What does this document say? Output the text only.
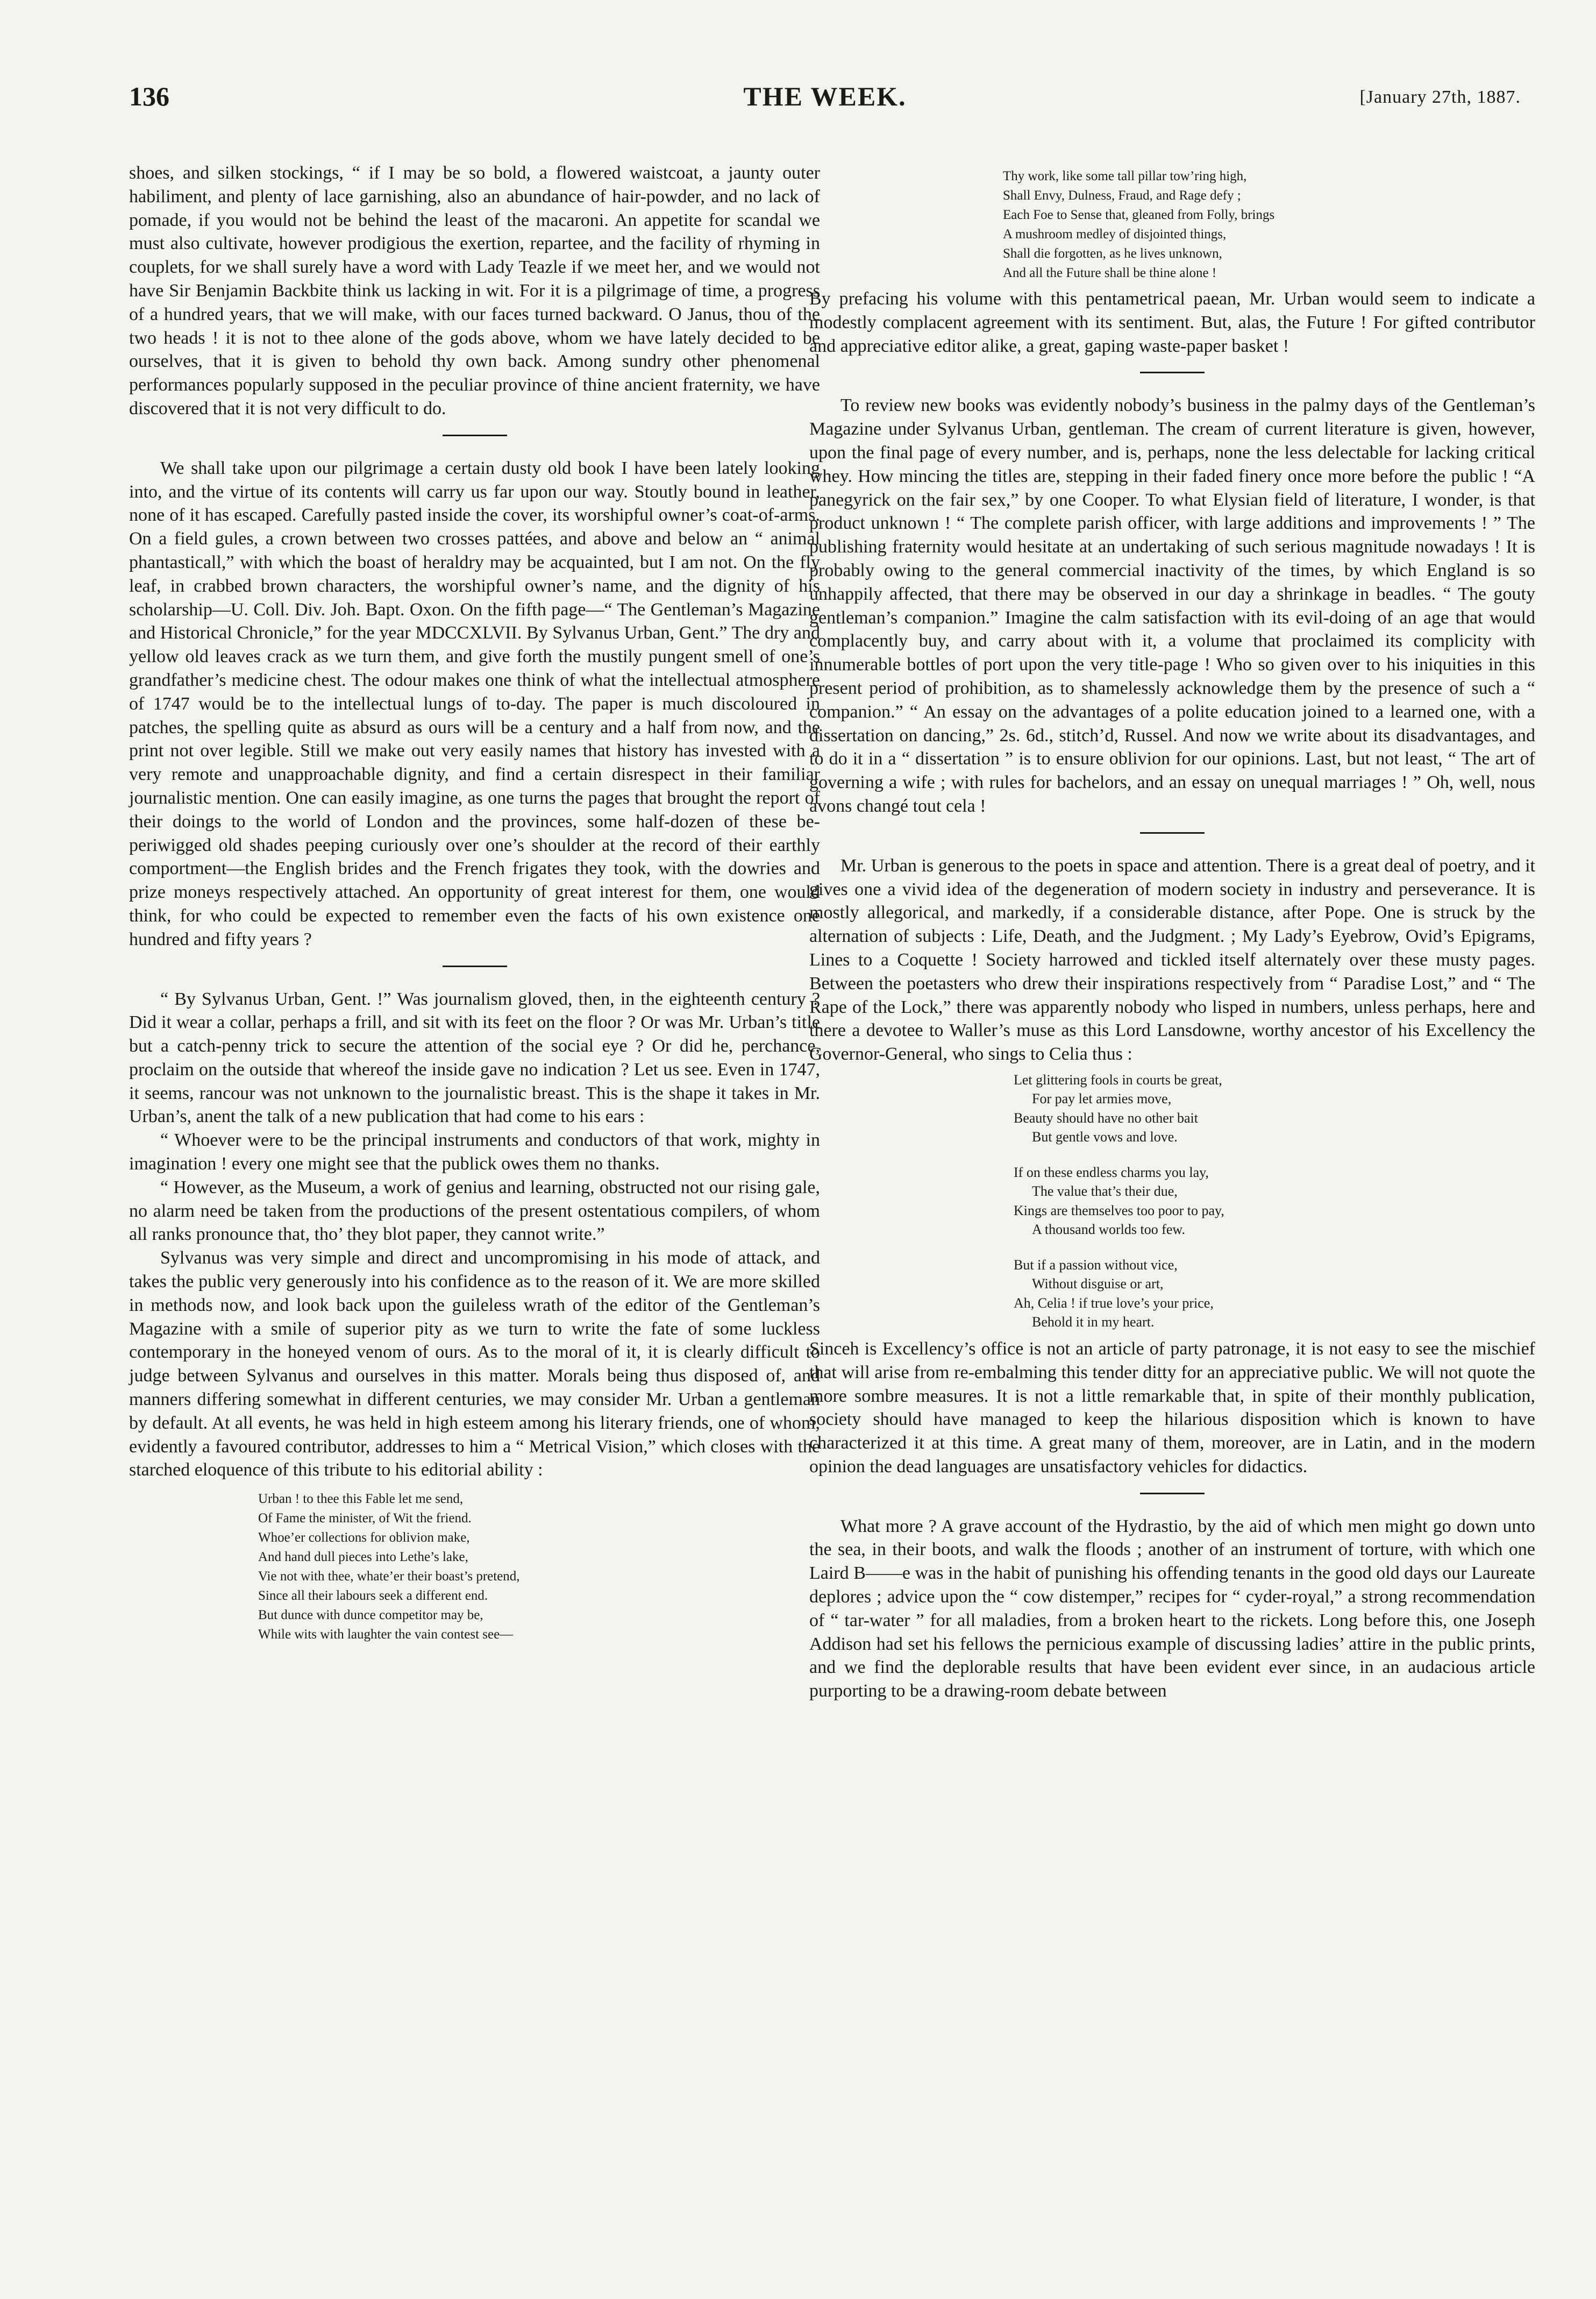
136	THE WEEK.	[January 27th, 1887.

shoes, and silken stockings, “ if I may be so bold, a flowered waistcoat, a jaunty outer habiliment, and plenty of lace garnishing, also an abundance of hair-powder, and no lack of pomade, if you would not be behind the least of the macaroni. An appetite for scandal we must also cultivate, however prodigious the exertion, repartee, and the facility of rhyming in couplets, for we shall surely have a word with Lady Teazle if we meet her, and we would not have Sir Benjamin Backbite think us lacking in wit. For it is a pilgrimage of time, a progress of a hundred years, that we will make, with our faces turned backward. O Janus, thou of the two heads ! it is not to thee alone of the gods above, whom we have lately decided to be ourselves, that it is given to behold thy own back. Among sundry other phenomenal performances popularly supposed in the peculiar province of thine ancient fraternity, we have discovered that it is not very difficult to do.

We shall take upon our pilgrimage a certain dusty old book I have been lately looking into, and the virtue of its contents will carry us far upon our way. Stoutly bound in leather, none of it has escaped. Carefully pasted inside the cover, its worshipful owner’s coat-of-arms. On a field gules, a crown between two crosses pattées, and above and below an “ animal phantasticall,” with which the boast of heraldry may be acquainted, but I am not. On the fly leaf, in crabbed brown characters, the worshipful owner’s name, and the dignity of his scholarship—U. Coll. Div. Joh. Bapt. Oxon. On the fifth page—“ The Gentleman’s Magazine and Historical Chronicle,” for the year MDCCXLVII. By Sylvanus Urban, Gent.” The dry and yellow old leaves crack as we turn them, and give forth the mustily pungent smell of one’s grandfather’s medicine chest. The odour makes one think of what the intellectual atmosphere of 1747 would be to the intellectual lungs of to-day. The paper is much discoloured in patches, the spelling quite as absurd as ours will be a century and a half from now, and the print not over legible. Still we make out very easily names that history has invested with a very remote and unapproachable dignity, and find a certain disrespect in their familiar journalistic mention. One can easily imagine, as one turns the pages that brought the report of their doings to the world of London and the provinces, some half-dozen of these be-periwigged old shades peeping curiously over one’s shoulder at the record of their earthly comportment—the English brides and the French frigates they took, with the dowries and prize moneys respectively attached. An opportunity of great interest for them, one would think, for who could be expected to remember even the facts of his own existence one hundred and fifty years ?

“ By Sylvanus Urban, Gent. !” Was journalism gloved, then, in the eighteenth century ? Did it wear a collar, perhaps a frill, and sit with its feet on the floor ? Or was Mr. Urban’s title but a catch-penny trick to secure the attention of the social eye ? Or did he, perchance, proclaim on the outside that whereof the inside gave no indication ? Let us see. Even in 1747, it seems, rancour was not unknown to the journalistic breast. This is the shape it takes in Mr. Urban’s, anent the talk of a new publication that had come to his ears :

“ Whoever were to be the principal instruments and conductors of that work, mighty in imagination ! every one might see that the publick owes them no thanks.

“ However, as the Museum, a work of genius and learning, obstructed not our rising gale, no alarm need be taken from the productions of the present ostentatious compilers, of whom all ranks pronounce that, tho’ they blot paper, they cannot write.”

Sylvanus was very simple and direct and uncompromising in his mode of attack, and takes the public very generously into his confidence as to the reason of it. We are more skilled in methods now, and look back upon the guileless wrath of the editor of the Gentleman’s Magazine with a smile of superior pity as we turn to write the fate of some luckless contemporary in the honeyed venom of ours. As to the moral of it, it is clearly difficult to judge between Sylvanus and ourselves in this matter. Morals being thus disposed of, and manners differing somewhat in different centuries, we may consider Mr. Urban a gentleman by default. At all events, he was held in high esteem among his literary friends, one of whom, evidently a favoured contributor, addresses to him a “ Metrical Vision,” which closes with the starched eloquence of this tribute to his editorial ability :

Urban ! to thee this Fable let me send,
Of Fame the minister, of Wit the friend.
Whoe’er collections for oblivion make,
And hand dull pieces into Lethe’s lake,
Vie not with thee, whate’er their boast’s pretend,
Since all their labours seek a different end.
But dunce with dunce competitor may be,
While wits with laughter the vain contest see—
Thy work, like some tall pillar tow’ring high,
Shall Envy, Dulness, Fraud, and Rage defy ;
Each Foe to Sense that, gleaned from Folly, brings
A mushroom medley of disjointed things,
Shall die forgotten, as he lives unknown,
And all the Future shall be thine alone !

By prefacing his volume with this pentametrical paean, Mr. Urban would seem to indicate a modestly complacent agreement with its sentiment. But, alas, the Future ! For gifted contributor and appreciative editor alike, a great, gaping waste-paper basket !

To review new books was evidently nobody’s business in the palmy days of the Gentleman’s Magazine under Sylvanus Urban, gentleman. The cream of current literature is given, however, upon the final page of every number, and is, perhaps, none the less delectable for lacking critical whey. How mincing the titles are, stepping in their faded finery once more before the public ! “A panegyrick on the fair sex,” by one Cooper. To what Elysian field of literature, I wonder, is that product unknown ! “ The complete parish officer, with large additions and improvements ! ” The publishing fraternity would hesitate at an undertaking of such serious magnitude nowadays ! It is probably owing to the general commercial inactivity of the times, by which England is so unhappily affected, that there may be observed in our day a shrinkage in beadles. “ The gouty gentleman’s companion.” Imagine the calm satisfaction with its evil-doing of an age that would complacently buy, and carry about with it, a volume that proclaimed its complicity with innumerable bottles of port upon the very title-page ! Who so given over to his iniquities in this present period of prohibition, as to shamelessly acknowledge them by the presence of such a “ companion.” “ An essay on the advantages of a polite education joined to a learned one, with a dissertation on dancing,” 2s. 6d., stitch’d, Russel. And now we write about its disadvantages, and to do it in a “ dissertation ” is to ensure oblivion for our opinions. Last, but not least, “ The art of governing a wife ; with rules for bachelors, and an essay on unequal marriages ! ” Oh, well, nous avons changé tout cela !

Mr. Urban is generous to the poets in space and attention. There is a great deal of poetry, and it gives one a vivid idea of the degeneration of modern society in industry and perseverance. It is mostly allegorical, and markedly, if a considerable distance, after Pope. One is struck by the alternation of subjects : Life, Death, and the Judgment. ; My Lady’s Eyebrow, Ovid’s Epigrams, Lines to a Coquette ! Society harrowed and tickled itself alternately over these musty pages. Between the poetasters who drew their inspirations respectively from “ Paradise Lost,” and “ The Rape of the Lock,” there was apparently nobody who lisped in numbers, unless perhaps, here and there a devotee to Waller’s muse as this Lord Lansdowne, worthy ancestor of his Excellency the Governor-General, who sings to Celia thus :

Let glittering fools in courts be great,
For pay let armies move,
Beauty should have no other bait
But gentle vows and love.
If on these endless charms you lay,
The value that’s their due,
Kings are themselves too poor to pay,
A thousand worlds too few.
But if a passion without vice,
Without disguise or art,
Ah, Celia ! if true love’s your price,
Behold it in my heart.

Sinceh is Excellency’s office is not an article of party patronage, it is not easy to see the mischief that will arise from re-embalming this tender ditty for an appreciative public. We will not quote the more sombre measures. It is not a little remarkable that, in spite of their monthly publication, society should have managed to keep the hilarious disposition which is known to have characterized it at this time. A great many of them, moreover, are in Latin, and in the modern opinion the dead languages are unsatisfactory vehicles for didactics.

What more ? A grave account of the Hydrastio, by the aid of which men might go down unto the sea, in their boots, and walk the floods ; another of an instrument of torture, with which one Laird B——e was in the habit of punishing his offending tenants in the good old days our Laureate deplores ; advice upon the “ cow distemper,” recipes for “ cyder-royal,” a strong recommendation of “ tar-water ” for all maladies, from a broken heart to the rickets. Long before this, one Joseph Addison had set his fellows the pernicious example of discussing ladies’ attire in the public prints, and we find the deplorable results that have been evident ever since, in an audacious article purporting to be a drawing-room debate between
